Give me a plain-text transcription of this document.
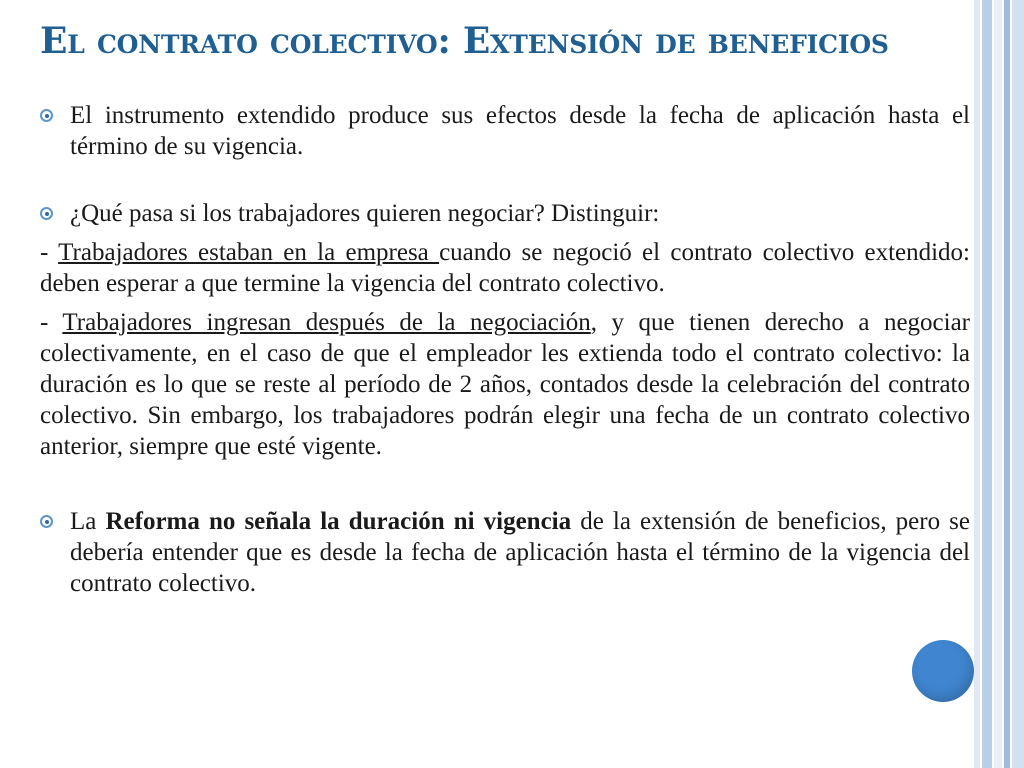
El contrato colectivo: Extensión de beneficios

El instrumento extendido produce sus efectos desde la fecha de aplicación hasta el término de su vigencia.

¿Qué pasa si los trabajadores quieren negociar? Distinguir:

- Trabajadores estaban en la empresa cuando se negoció el contrato colectivo extendido: deben esperar a que termine la vigencia del contrato colectivo.

- Trabajadores ingresan después de la negociación, y que tienen derecho a negociar colectivamente, en el caso de que el empleador les extienda todo el contrato colectivo: la duración es lo que se reste al período de 2 años, contados desde la celebración del contrato colectivo. Sin embargo, los trabajadores podrán elegir una fecha de un contrato colectivo anterior, siempre que esté vigente.

La Reforma no señala la duración ni vigencia de la extensión de beneficios, pero se debería entender que es desde la fecha de aplicación hasta el término de la vigencia del contrato colectivo.
